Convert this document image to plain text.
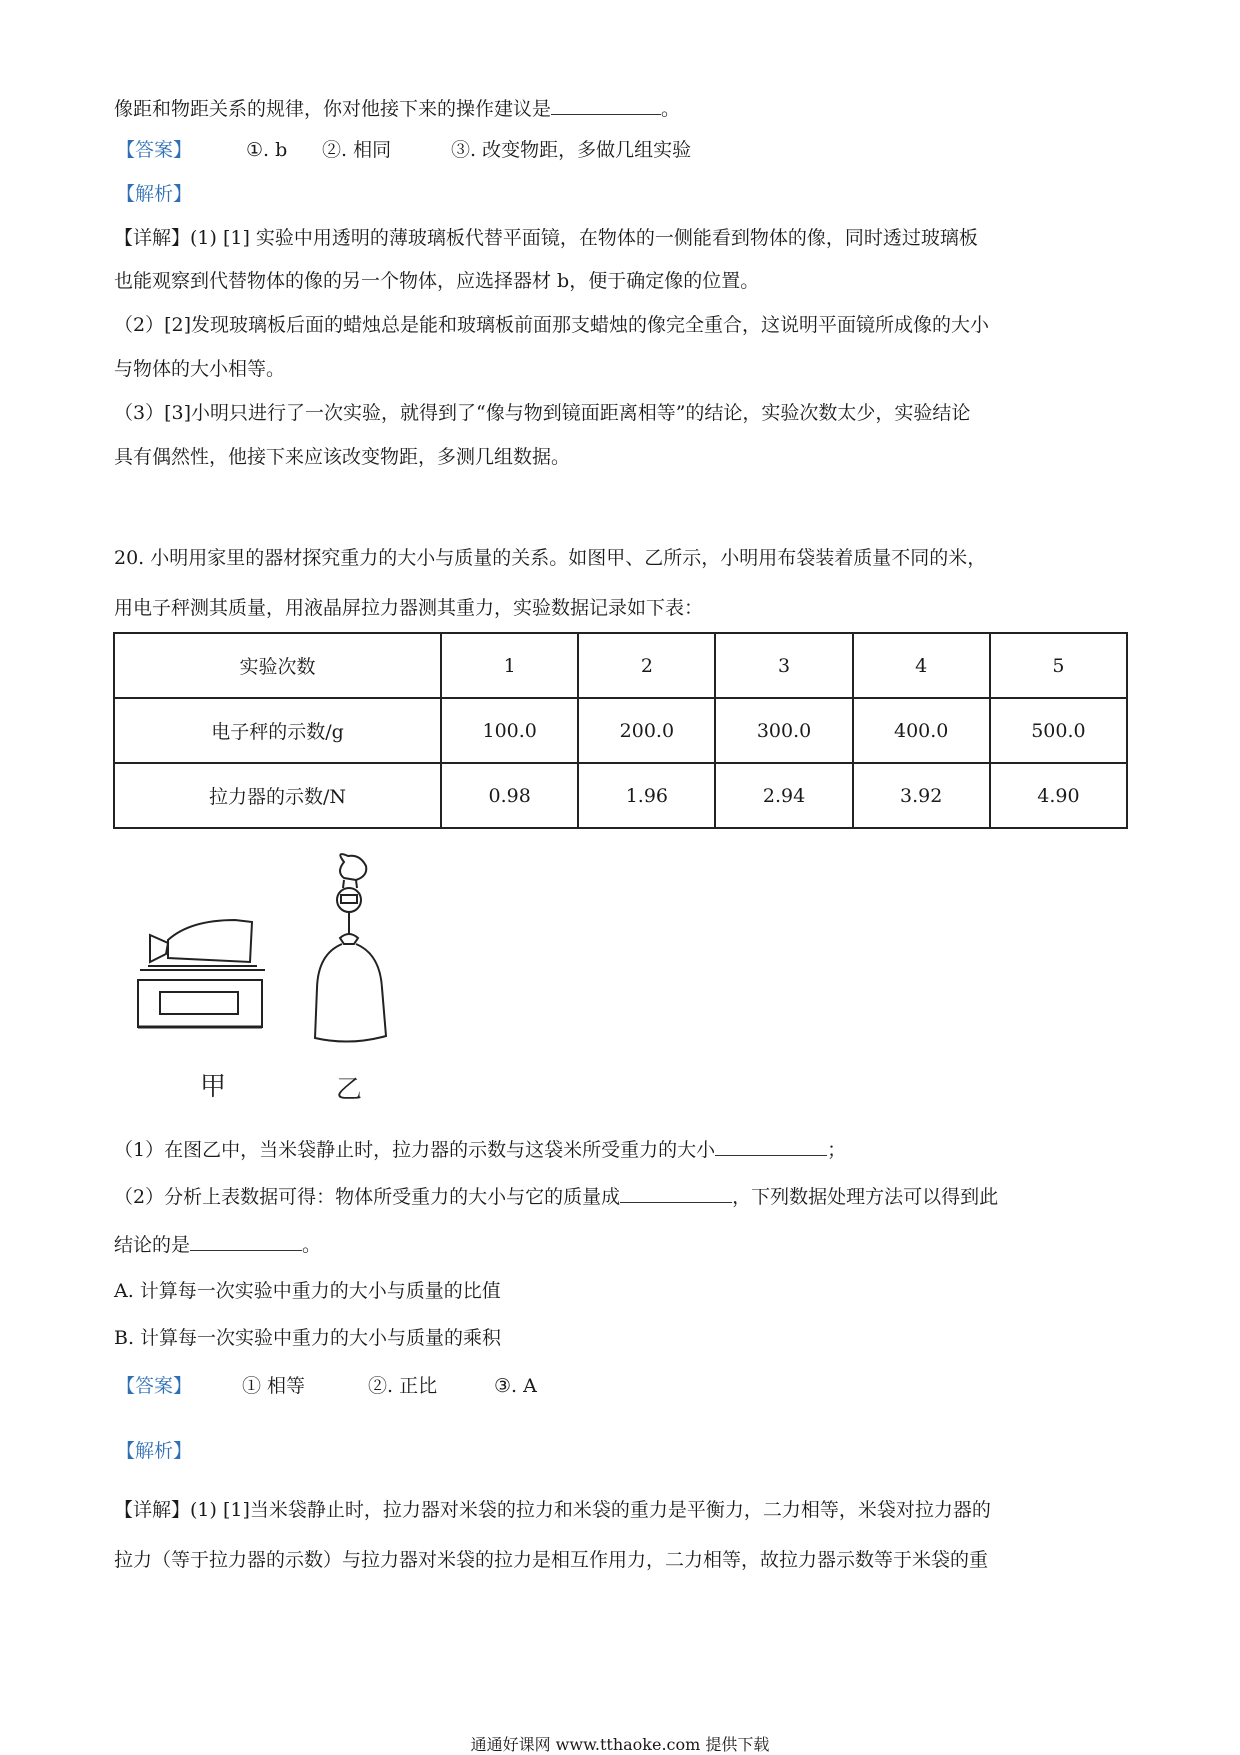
像距和物距关系的规律，你对他接下来的操作建议是	。
【答案】	①. b ②. 相同	③. 改变物距，多做几组实验
【解析】
【详解】(1) [1] 实验中用透明的薄玻璃板代替平面镜，在物体的一侧能看到物体的像，同时透过玻璃板
也能观察到代替物体的像的另一个物体，应选择器材 b，便于确定像的位置。
（2）[2]发现玻璃板后面的蜡烛总是能和玻璃板前面那支蜡烛的像完全重合，这说明平面镜所成像的大小
与物体的大小相等。
（3）[3]小明只进行了一次实验，就得到了“像与物到镜面距离相等”的结论，实验次数太少，实验结论
具有偶然性，他接下来应该改变物距，多测几组数据。
20. 小明用家里的器材探究重力的大小与质量的关系。如图甲、乙所示，小明用布袋装着质量不同的米，
用电子秤测其质量，用液晶屏拉力器测其重力，实验数据记录如下表：
实验次数	1	2	3	4	5
电子秤的示数/g	100.0	200.0	300.0	400.0	500.0
拉力器的示数/N	0.98	1.96	2.94	3.92	4.90
甲	乙
（1）在图乙中，当米袋静止时，拉力器的示数与这袋米所受重力的大小	；
（2）分析上表数据可得：物体所受重力的大小与它的质量成	，下列数据处理方法可以得到此
结论的是	。
A. 计算每一次实验中重力的大小与质量的比值
B. 计算每一次实验中重力的大小与质量的乘积
【答案】	① 相等	②. 正比	③. A
【解析】
【详解】(1) [1]当米袋静止时，拉力器对米袋的拉力和米袋的重力是平衡力，二力相等，米袋对拉力器的
拉力（等于拉力器的示数）与拉力器对米袋的拉力是相互作用力，二力相等，故拉力器示数等于米袋的重
通通好课网 www.tthaoke.com 提供下载
